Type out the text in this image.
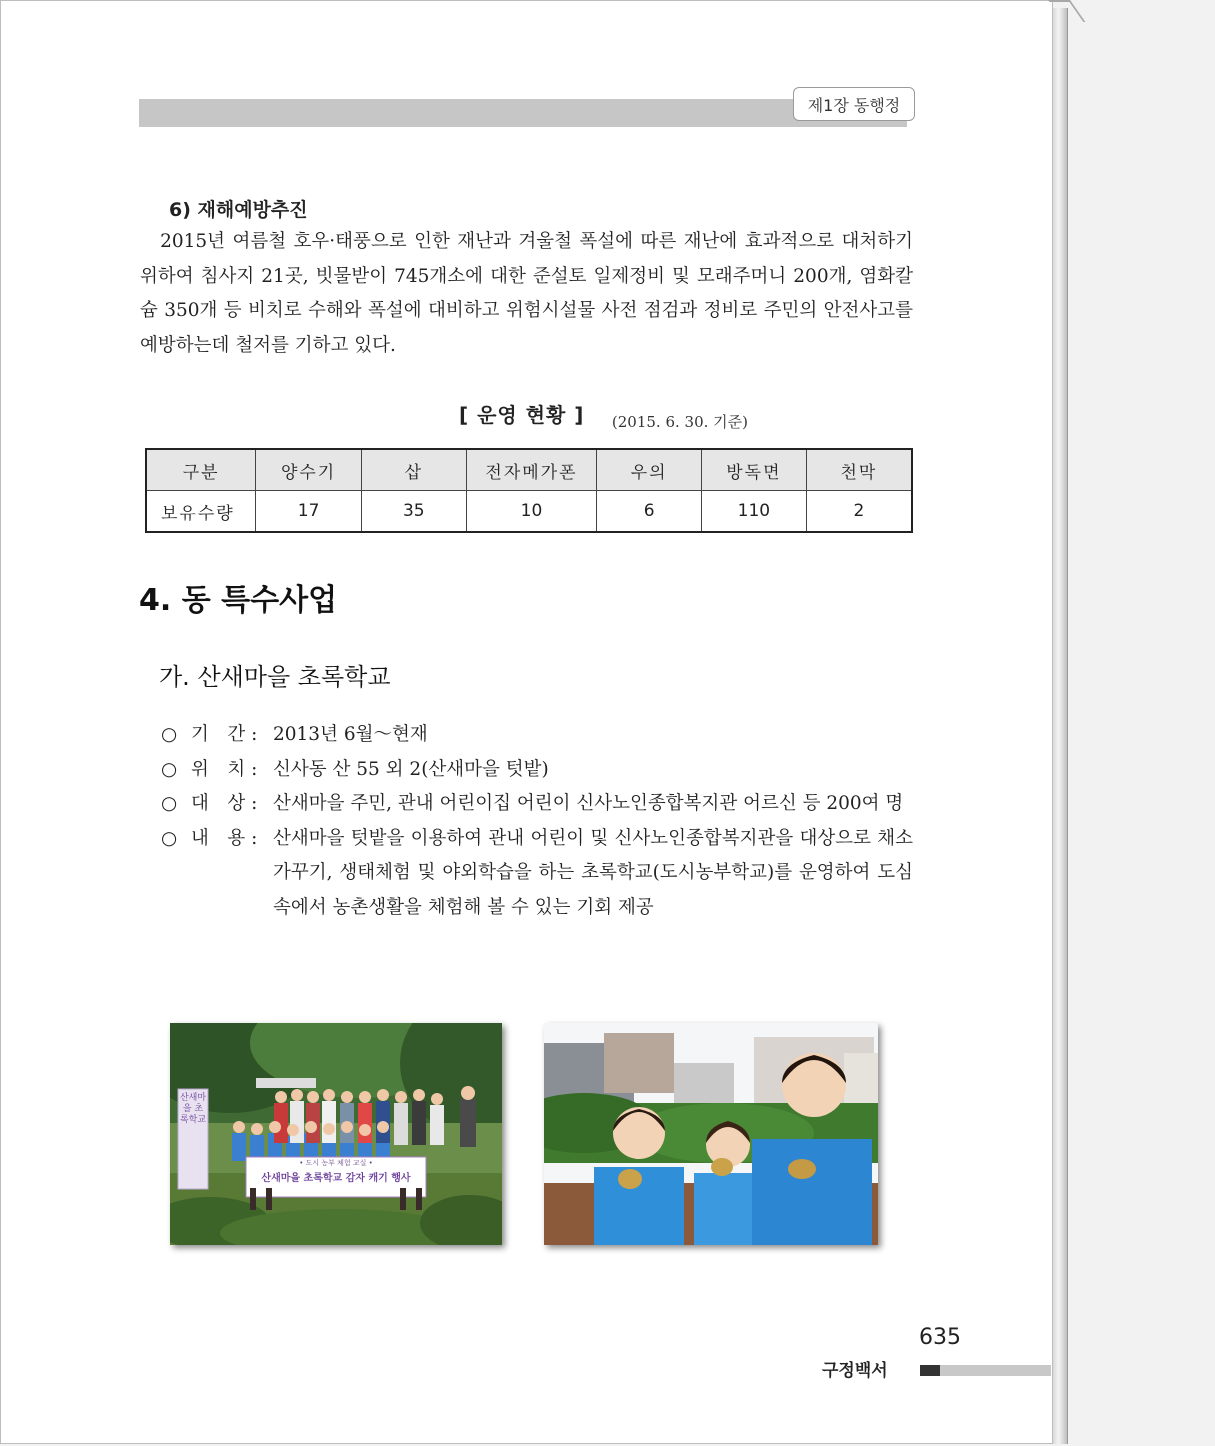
제1장 동행정
6) 재해예방추진
　2015년 여름철 호우·태풍으로 인한 재난과 겨울철 폭설에 따른 재난에 효과적으로 대처하기 위하여 침사지 21곳, 빗물받이 745개소에 대한 준설토 일제정비 및 모래주머니 200개, 염화칼슘 350개 등 비치로 수해와 폭설에 대비하고 위험시설물 사전 점검과 정비로 주민의 안전사고를 예방하는데 철저를 기하고 있다.
[ 운영 현황 ] (2015. 6. 30. 기준)
구분	양수기	삽	전자메가폰	우의	방독면	천막
보유수량	17	35	10	6	110	2
4. 동 특수사업
가. 산새마을 초록학교
○ 기　간 : 2013년 6월～현재
○ 위　치 : 신사동 산 55 외 2(산새마을 텃밭)
○ 대　상 : 산새마을 주민, 관내 어린이집 어린이 신사노인종합복지관 어르신 등 200여 명
○ 내　용 : 산새마을 텃밭을 이용하여 관내 어린이 및 신사노인종합복지관을 대상으로 채소 가꾸기, 생태체험 및 야외학습을 하는 초록학교(도시농부학교)를 운영하여 도심 속에서 농촌생활을 체험해 볼 수 있는 기회 제공
산새마을 초록학교
• 도시 농부 체험 교실 •
산새마을 초록학교 감자 캐기 행사
635
구정백서
